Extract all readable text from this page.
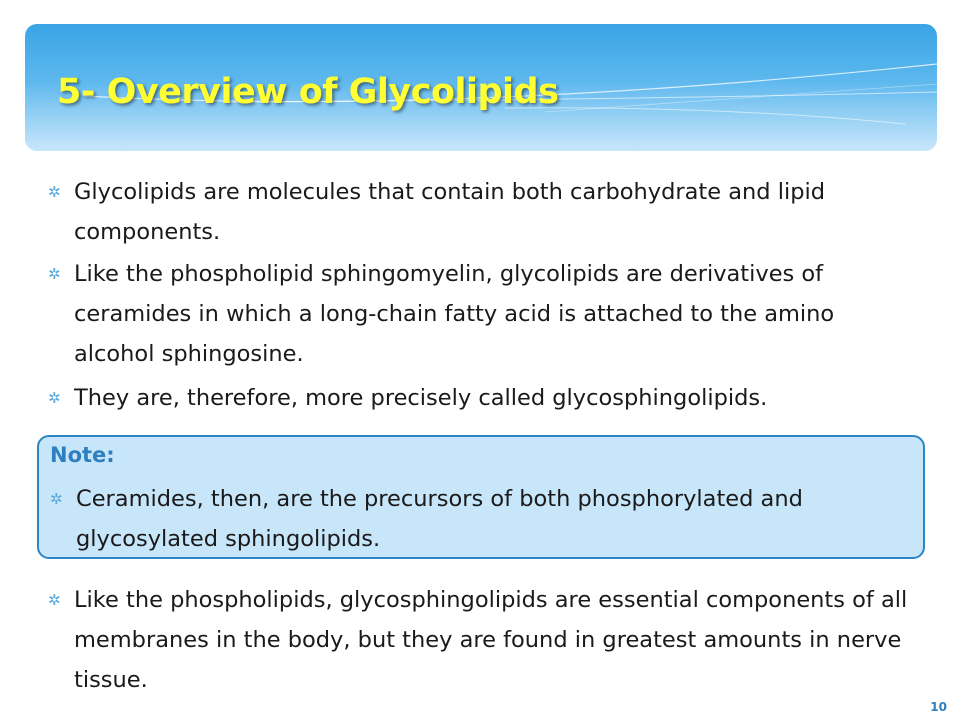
5- Overview of Glycolipids
✲ Glycolipids are molecules that contain both carbohydrate and lipid components.
✲ Like the phospholipid sphingomyelin, glycolipids are derivatives of ceramides in which a long-chain fatty acid is attached to the amino alcohol sphingosine.
✲ They are, therefore, more precisely called glycosphingolipids.
Note:
✲ Ceramides, then, are the precursors of both phosphorylated and glycosylated sphingolipids.
✲ Like the phospholipids, glycosphingolipids are essential components of all membranes in the body, but they are found in greatest amounts in nerve tissue.
10
